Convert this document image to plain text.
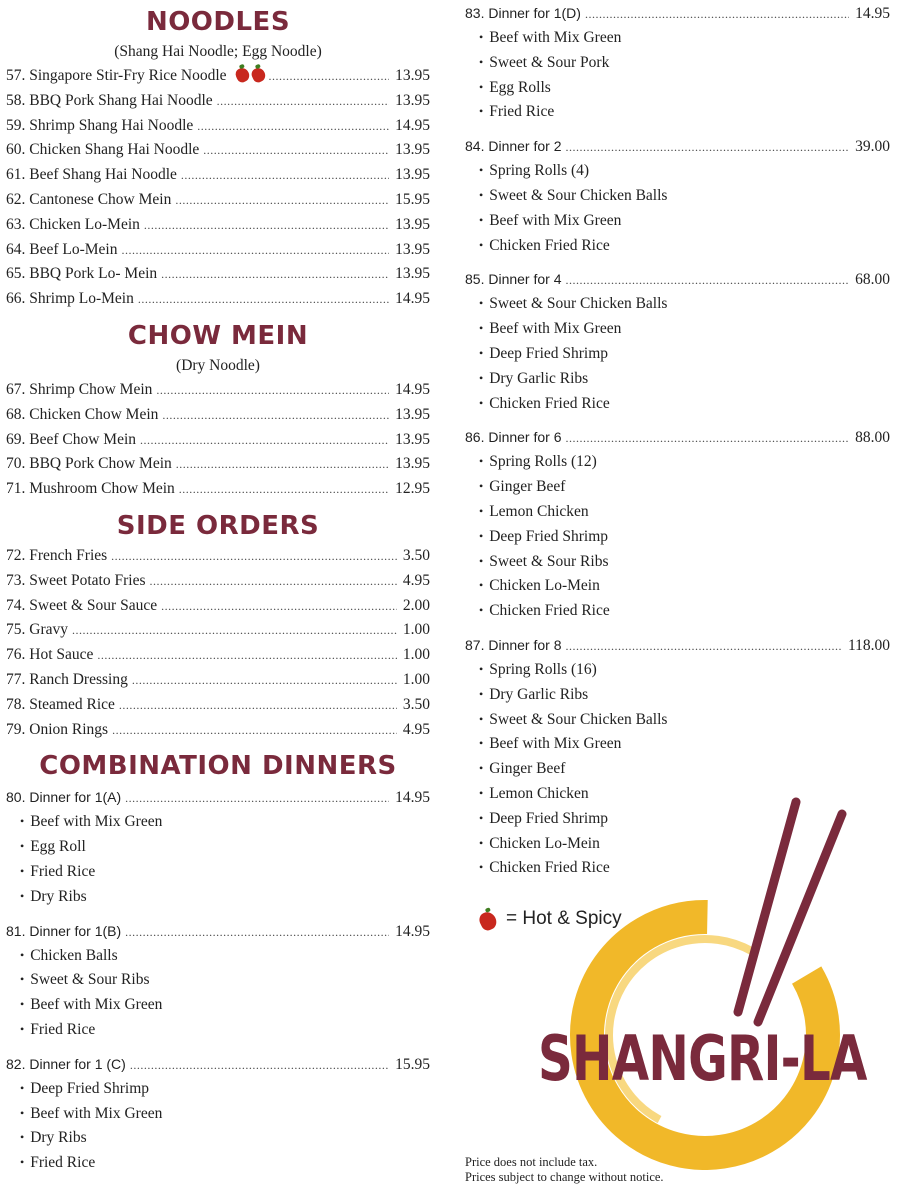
NOODLES
(Shang Hai Noodle; Egg Noodle)
57. Singapore Stir-Fry Rice Noodle .....	13.95
58. BBQ Pork Shang Hai Noodle .....	13.95
59. Shrimp Shang Hai Noodle .....	14.95
60. Chicken Shang Hai Noodle .....	13.95
61. Beef Shang Hai Noodle .....	13.95
62. Cantonese Chow Mein .....	15.95
63. Chicken Lo-Mein .....	13.95
64. Beef Lo-Mein .....	13.95
65. BBQ Pork Lo- Mein .....	13.95
66. Shrimp Lo-Mein .....	14.95
CHOW MEIN
(Dry Noodle)
67. Shrimp Chow Mein .....	14.95
68. Chicken Chow Mein .....	13.95
69. Beef Chow Mein .....	13.95
70. BBQ Pork Chow Mein .....	13.95
71. Mushroom Chow Mein .....	12.95
SIDE ORDERS
72. French Fries .....	3.50
73. Sweet Potato Fries .....	4.95
74. Sweet & Sour Sauce .....	2.00
75. Gravy .....	1.00
76. Hot Sauce .....	1.00
77. Ranch Dressing .....	1.00
78. Steamed Rice .....	3.50
79. Onion Rings .....	4.95
COMBINATION DINNERS
80. Dinner for 1(A) .....	14.95
• Beef with Mix Green
• Egg Roll
• Fried Rice
• Dry Ribs
81. Dinner for 1(B) .....	14.95
• Chicken Balls
• Sweet & Sour Ribs
• Beef with Mix Green
• Fried Rice
82. Dinner for 1 (C) .....	15.95
• Deep Fried Shrimp
• Beef with Mix Green
• Dry Ribs
• Fried Rice
83. Dinner for 1(D) .....	14.95
• Beef with Mix Green
• Sweet & Sour Pork
• Egg Rolls
• Fried Rice
84. Dinner for 2 .....	39.00
• Spring Rolls (4)
• Sweet & Sour Chicken Balls
• Beef with Mix Green
• Chicken Fried Rice
85. Dinner for 4 .....	68.00
• Sweet & Sour Chicken Balls
• Beef with Mix Green
• Deep Fried Shrimp
• Dry Garlic Ribs
• Chicken Fried Rice
86. Dinner for 6 .....	88.00
• Spring Rolls (12)
• Ginger Beef
• Lemon Chicken
• Deep Fried Shrimp
• Sweet & Sour Ribs
• Chicken Lo-Mein
• Chicken Fried Rice
87. Dinner for 8 .....	118.00
• Spring Rolls (16)
• Dry Garlic Ribs
• Sweet & Sour Chicken Balls
• Beef with Mix Green
• Ginger Beef
• Lemon Chicken
• Deep Fried Shrimp
• Chicken Lo-Mein
• Chicken Fried Rice
= Hot & Spicy
SHANGRI-LA
Price does not include tax.
Prices subject to change without notice.
